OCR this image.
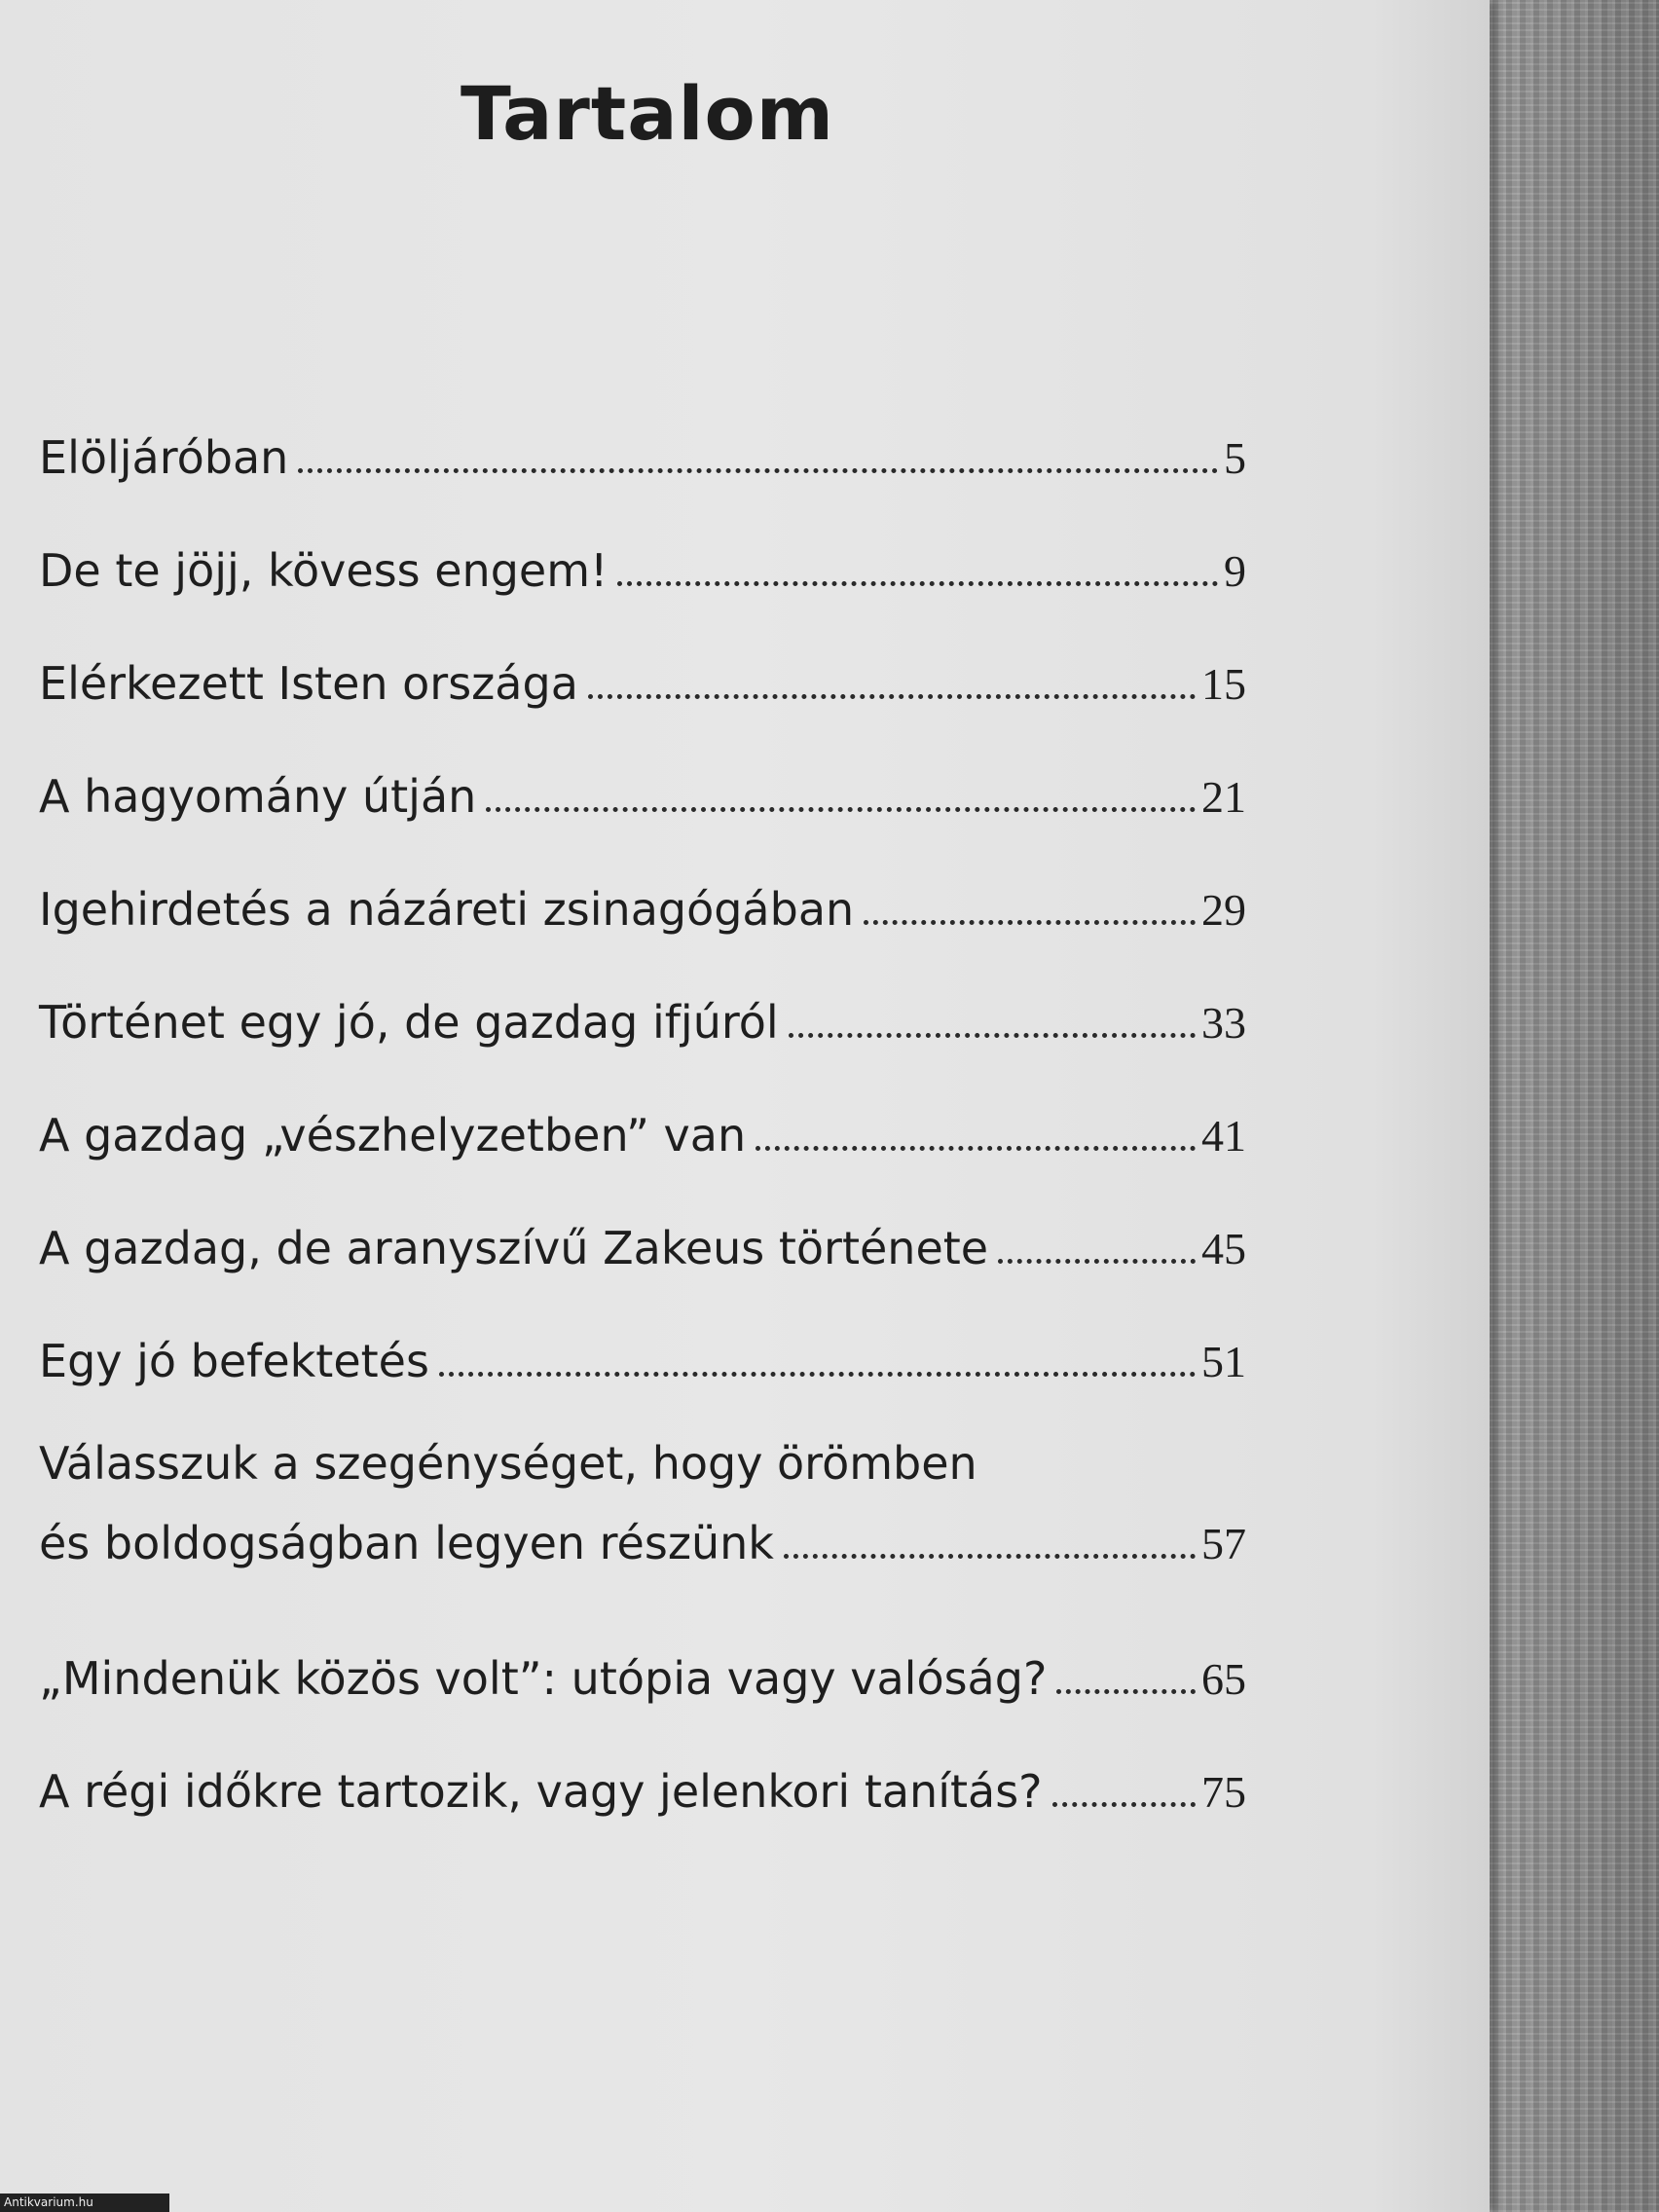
Tartalom
Elöljáróban	5
De te jöjj, kövess engem!	9
Elérkezett Isten országa	15
A hagyomány útján	21
Igehirdetés a názáreti zsinagógában	29
Történet egy jó, de gazdag ifjúról	33
A gazdag „vészhelyzetben” van	41
A gazdag, de aranyszívű Zakeus története	45
Egy jó befektetés	51
Válasszuk a szegénységet, hogy örömben
és boldogságban legyen részünk	57
„Mindenük közös volt”: utópia vagy valóság?	65
A régi időkre tartozik, vagy jelenkori tanítás?	75
Antikvarium.hu
